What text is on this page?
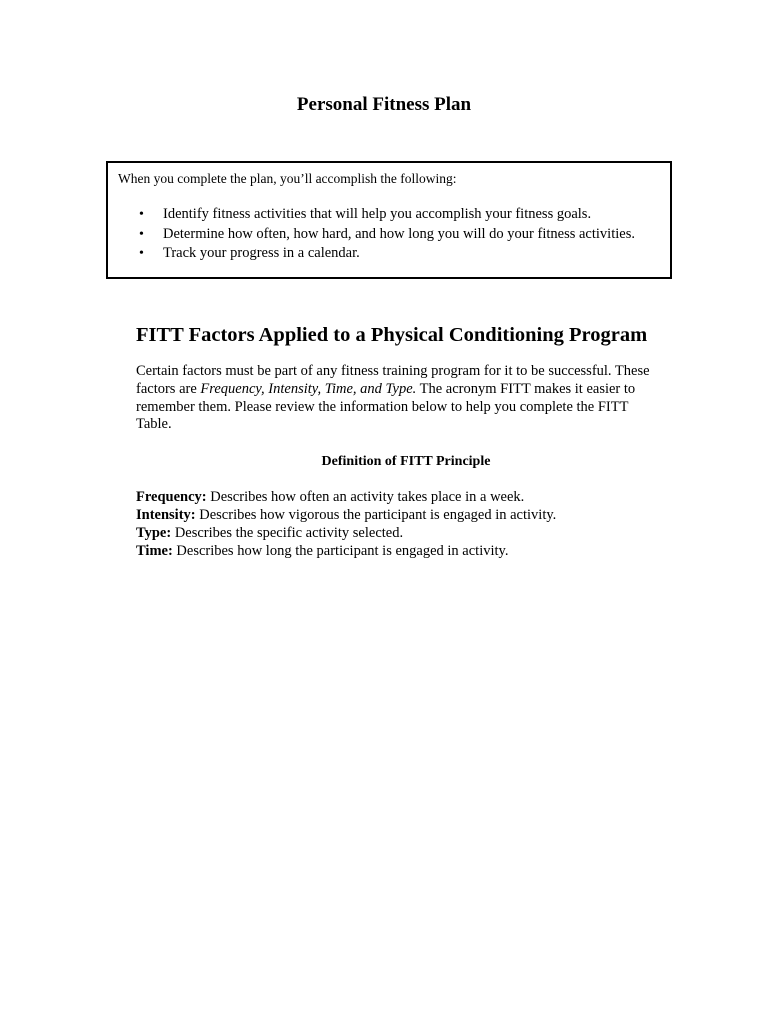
Personal Fitness Plan

When you complete the plan, you’ll accomplish the following:

• Identify fitness activities that will help you accomplish your fitness goals.
• Determine how often, how hard, and how long you will do your fitness activities.
• Track your progress in a calendar.
FITT Factors Applied to a Physical Conditioning Program

Certain factors must be part of any fitness training program for it to be successful. These
factors are Frequency, Intensity, Time, and Type. The acronym FITT makes it easier to
remember them. Please review the information below to help you complete the FITT
Table.

Definition of FITT Principle
Frequency: Describes how often an activity takes place in a week.
Intensity: Describes how vigorous the participant is engaged in activity.
Type: Describes the specific activity selected.
Time: Describes how long the participant is engaged in activity.
